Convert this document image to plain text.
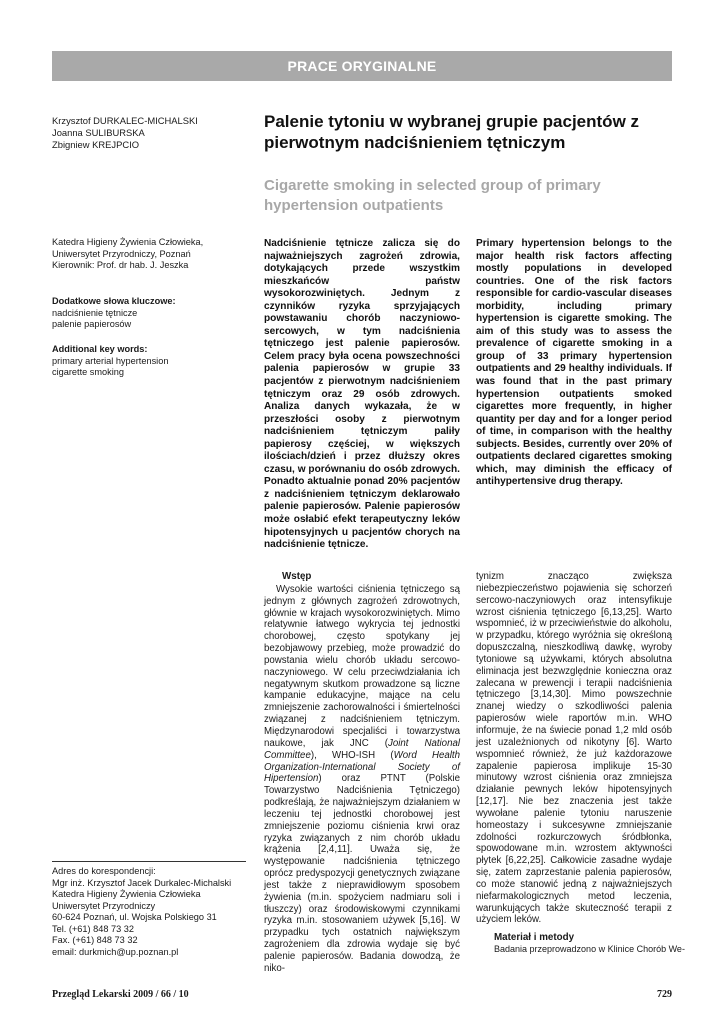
PRACE ORYGINALNE
Krzysztof DURKALEC-MICHALSKI
Joanna SULIBURSKA
Zbigniew KREJPCIO
Palenie tytoniu w wybranej grupie pacjentów z pierwotnym nadciśnieniem tętniczym
Cigarette smoking in selected group of primary hypertension outpatients
Katedra Higieny Żywienia Człowieka,
Uniwersytet Przyrodniczy, Poznań
Kierownik: Prof. dr hab. J. Jeszka
Dodatkowe słowa kluczowe:
nadciśnienie tętnicze
palenie papierosów
Additional key words:
primary arterial hypertension
cigarette smoking

Nadciśnienie tętnicze zalicza się do najważniejszych zagrożeń zdrowia, dotykających przede wszystkim mieszkańców państw wysokorozwiniętych. Jednym z czynników ryzyka sprzyjających powstawaniu chorób naczyniowo-sercowych, w tym nadciśnienia tętniczego jest palenie papierosów. Celem pracy była ocena powszechności palenia papierosów w grupie 33 pacjentów z pierwotnym nadciśnieniem tętniczym oraz 29 osób zdrowych. Analiza danych wykazała, że w przeszłości osoby z pierwotnym nadciśnieniem tętniczym paliły papierosy częściej, w większych ilościach/dzień i przez dłuższy okres czasu, w porównaniu do osób zdrowych. Ponadto aktualnie ponad 20% pacjentów z nadciśnieniem tętniczym deklarowało palenie papierosów. Palenie papierosów może osłabić efekt terapeutyczny leków hipotensyjnych u pacjentów chorych na nadciśnienie tętnicze.

Primary hypertension belongs to the major health risk factors affecting mostly populations in developed countries. One of the risk factors responsible for cardio-vascular diseases morbidity, including primary hypertension is cigarette smoking. The aim of this study was to assess the prevalence of cigarette smoking in a group of 33 primary hypertension outpatients and 29 healthy individuals. If was found that in the past primary hypertension outpatients smoked cigarettes more frequently, in higher quantity per day and for a longer period of time, in comparison with the healthy subjects. Besides, currently over 20% of outpatients declared cigarettes smoking which, may diminish the efficacy of antihypertensive drug therapy.

Wstęp

Wysokie wartości ciśnienia tętniczego są jednym z głównych zagrożeń zdrowotnych, głównie w krajach wysokorozwiniętych. Mimo relatywnie łatwego wykrycia tej jednostki chorobowej, często spotykany jej bezobjawowy przebieg, może prowadzić do powstania wielu chorób układu sercowo-naczyniowego. W celu przeciwdziałania ich negatywnym skutkom prowadzone są liczne kampanie edukacyjne, mające na celu zmniejszenie zachorowalności i śmiertelności związanej z nadciśnieniem tętniczym. Międzynarodowi specjaliści i towarzystwa naukowe, jak JNC (Joint National Committee), WHO-ISH (Word Health Organization-International Society of Hipertension) oraz PTNT (Polskie Towarzystwo Nadciśnienia Tętniczego) podkreślają, że najważniejszym działaniem w leczeniu tej jednostki chorobowej jest zmniejszenie poziomu ciśnienia krwi oraz ryzyka związanych z nim chorób układu krążenia [2,4,11]. Uważa się, że występowanie nadciśnienia tętniczego oprócz predyspozycji genetycznych związane jest także z nieprawidłowym sposobem żywienia (m.in. spożyciem nadmiaru soli i tłuszczy) oraz środowiskowymi czynnikami ryzyka m.in. stosowaniem używek [5,16]. W przypadku tych ostatnich największym zagrożeniem dla zdrowia wydaje się być palenie papierosów. Badania dowodzą, że niko-

tynizm znacząco zwiększa niebezpieczeństwo pojawienia się schorzeń sercowo-naczyniowych oraz intensyfikuje wzrost ciśnienia tętniczego [6,13,25]. Warto wspomnieć, iż w przeciwieństwie do alkoholu, w przypadku, którego wyróżnia się określoną dopuszczalną, nieszkodliwą dawkę, wyroby tytoniowe są używkami, których absolutna eliminacja jest bezwzględnie konieczna oraz zalecana w prewencji i terapii nadciśnienia tętniczego [3,14,30]. Mimo powszechnie znanej wiedzy o szkodliwości palenia papierosów wiele raportów m.in. WHO informuje, że na świecie ponad 1,2 mld osób jest uzależnionych od nikotyny [6]. Warto wspomnieć również, że już każdorazowe zapalenie papierosa implikuje 15-30 minutowy wzrost ciśnienia oraz zmniejsza działanie pewnych leków hipotensyjnych [12,17]. Nie bez znaczenia jest także wywołane palenie tytoniu naruszenie homeostazy i sukcesywne zmniejszanie zdolności rozkurczowych śródbłonka, spowodowane m.in. wzrostem aktywności płytek [6,22,25]. Całkowicie zasadne wydaje się, zatem zaprzestanie palenia papierosów, co może stanowić jedną z najważniejszych niefarmakologicznych metod leczenia, warunkujących także skuteczność terapii z użyciem leków.
Materiał i metody
Badania przeprowadzono w Klinice Chorób We-
Adres do korespondencji:
Mgr inż. Krzysztof Jacek Durkalec-Michalski
Katedra Higieny Żywienia Człowieka
Uniwersytet Przyrodniczy
60-624 Poznań, ul. Wojska Polskiego 31
Tel. (+61) 848 73 32
Fax. (+61) 848 73 32
email: durkmich@up.poznan.pl
Przegląd Lekarski 2009 / 66 / 10	729
